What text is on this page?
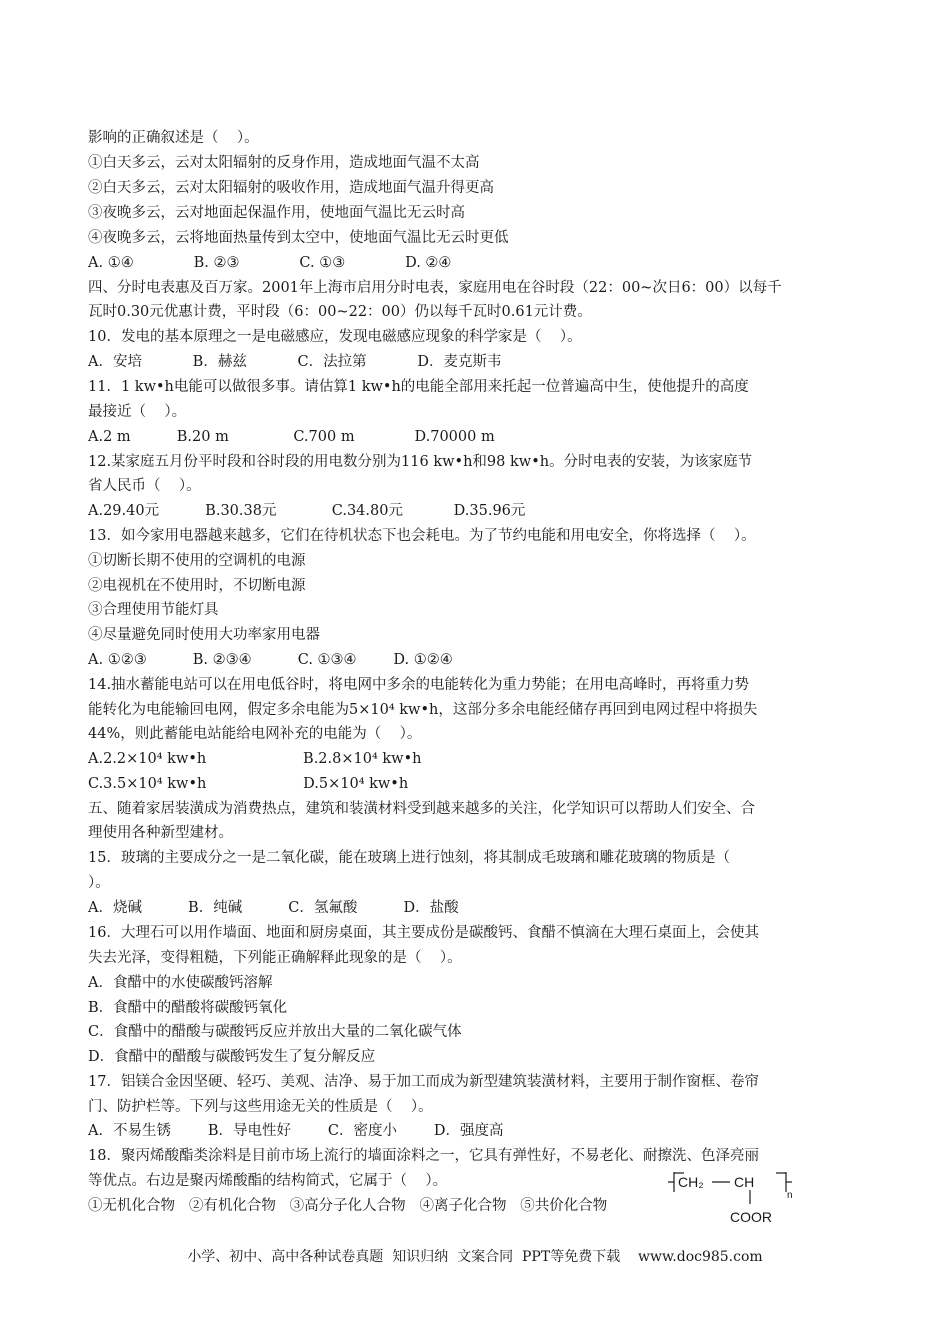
影响的正确叙述是（    ）。

①白天多云，云对太阳辐射的反身作用，造成地面气温不太高

②白天多云，云对太阳辐射的吸收作用，造成地面气温升得更高

③夜晚多云，云对地面起保温作用，使地面气温比无云时高

④夜晚多云，云将地面热量传到太空中，使地面气温比无云时更低

A. ①④             B. ②③             C. ①③             D. ②④

四、分时电表惠及百万家。2001年上海市启用分时电表，家庭用电在谷时段（22：00~次日6：00）以每千

瓦时0.30元优惠计费，平时段（6：00~22：00）仍以每千瓦时0.61元计费。

10．发电的基本原理之一是电磁感应，发现电磁感应现象的科学家是（    ）。

A．安培           B．赫兹           C．法拉第           D．麦克斯韦

11．1 kw•h电能可以做很多事。请估算1 kw•h的电能全部用来托起一位普遍高中生，使他提升的高度

最接近（    ）。

A.2 m          B.20 m              C.700 m             D.70000 m

12.某家庭五月份平时段和谷时段的用电数分别为116 kw•h和98 kw•h。分时电表的安装，为该家庭节

省人民币（    ）。

A.29.40元          B.30.38元            C.34.80元           D.35.96元

13．如今家用电器越来越多，它们在待机状态下也会耗电。为了节约电能和用电安全，你将选择（    ）。

①切断长期不使用的空调机的电源

②电视机在不使用时，不切断电源

③合理使用节能灯具

④尽量避免同时使用大功率家用电器

A. ①②③          B. ②③④          C. ①③④        D. ①②④

14.抽水蓄能电站可以在用电低谷时，将电网中多余的电能转化为重力势能；在用电高峰时，再将重力势

能转化为电能输回电网，假定多余电能为5×10⁴ kw•h，这部分多余电能经储存再回到电网过程中将损失

44%，则此蓄能电站能给电网补充的电能为（    ）。

A.2.2×10⁴ kw•h                     B.2.8×10⁴ kw•h

C.3.5×10⁴ kw•h                     D.5×10⁴ kw•h

五、随着家居装潢成为消费热点，建筑和装潢材料受到越来越多的关注，化学知识可以帮助人们安全、合

理使用各种新型建材。

15．玻璃的主要成分之一是二氧化碳，能在玻璃上进行蚀刻，将其制成毛玻璃和雕花玻璃的物质是（

）。

A．烧碱          B．纯碱          C．氢氟酸          D．盐酸

16．大理石可以用作墙面、地面和厨房桌面，其主要成份是碳酸钙、食醋不慎滴在大理石桌面上，会使其

失去光泽，变得粗糙，下列能正确解释此现象的是（    ）。

A．食醋中的水使碳酸钙溶解

B．食醋中的醋酸将碳酸钙氧化

C．食醋中的醋酸与碳酸钙反应并放出大量的二氧化碳气体

D．食醋中的醋酸与碳酸钙发生了复分解反应

17．铝镁合金因坚硬、轻巧、美观、洁净、易于加工而成为新型建筑装潢材料，主要用于制作窗框、卷帘

门、防护栏等。下列与这些用途无关的性质是（    ）。

A．不易生锈        B．导电性好        C．密度小        D．强度高

18．聚丙烯酸酯类涂料是目前市场上流行的墙面涂料之一，它具有弹性好，不易老化、耐擦洗、色泽亮丽

等优点。右边是聚丙烯酸酯的结构简式，它属于（    ）。

①无机化合物   ②有机化合物   ③高分子化人合物   ④离子化合物   ⑤共价化合物

CH₂ CH
n
COOR
小学、初中、高中各种试卷真题  知识归纳  文案合同  PPT等免费下载    www.doc985.com
